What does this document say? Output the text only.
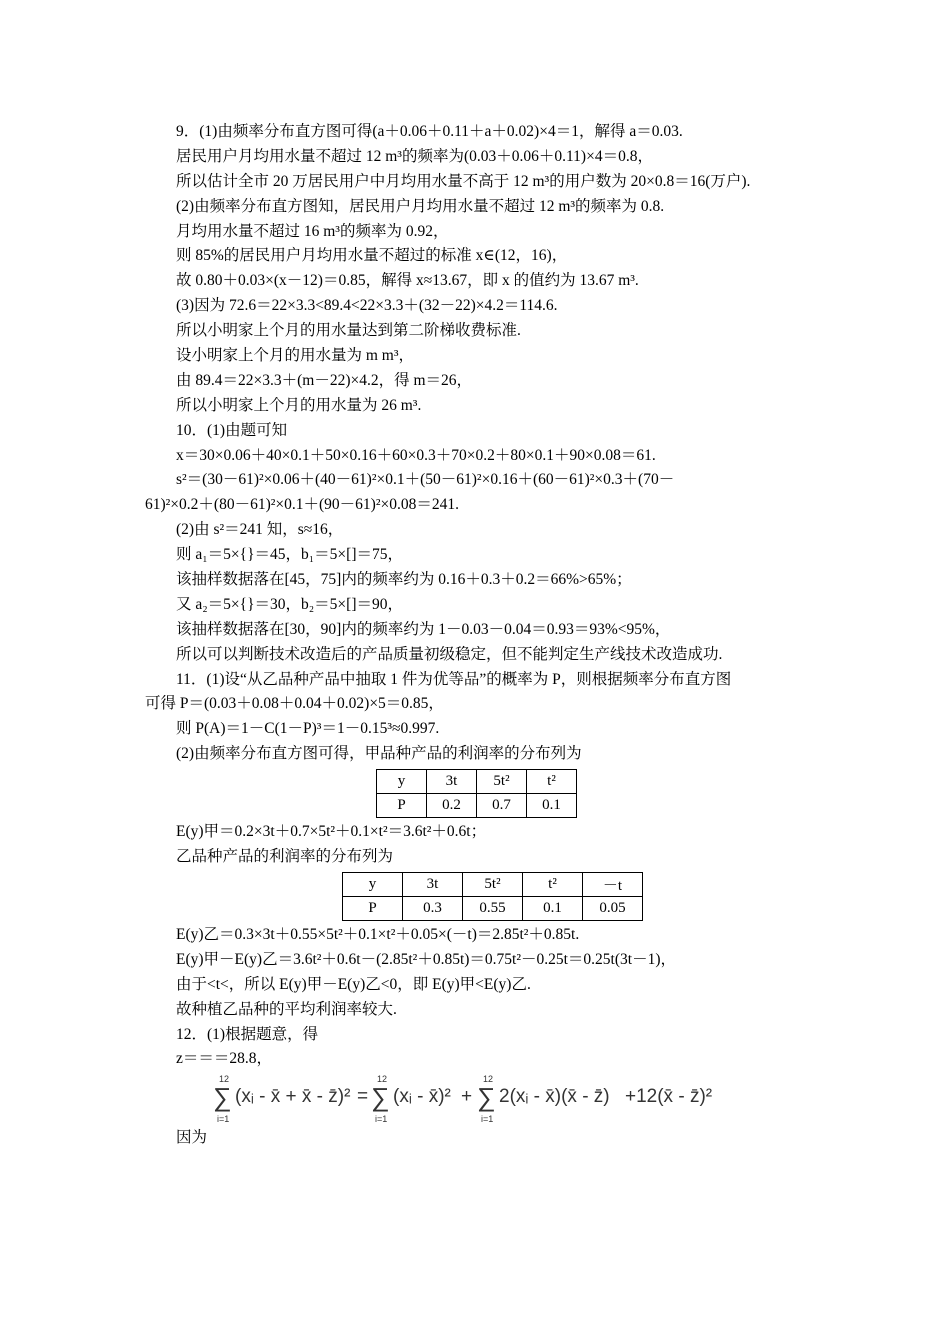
9．(1)由频率分布直方图可得(a＋0.06＋0.11＋a＋0.02)×4＝1，解得 a＝0.03.
居民用户月均用水量不超过 12 m³的频率为(0.03＋0.06＋0.11)×4＝0.8，
所以估计全市 20 万居民用户中月均用水量不高于 12 m³的用户数为 20×0.8＝16(万户).
(2)由频率分布直方图知，居民用户月均用水量不超过 12 m³的频率为 0.8.
月均用水量不超过 16 m³的频率为 0.92，
则 85%的居民用户月均用水量不超过的标准 x∈(12，16)，
故 0.80＋0.03×(x－12)＝0.85，解得 x≈13.67，即 x 的值约为 13.67 m³.
(3)因为 72.6＝22×3.3<89.4<22×3.3＋(32－22)×4.2＝114.6.
所以小明家上个月的用水量达到第二阶梯收费标准.
设小明家上个月的用水量为 m m³，
由 89.4＝22×3.3＋(m－22)×4.2，得 m＝26，
所以小明家上个月的用水量为 26 m³.
10．(1)由题可知
x＝30×0.06＋40×0.1＋50×0.16＋60×0.3＋70×0.2＋80×0.1＋90×0.08＝61.
s²＝(30－61)²×0.06＋(40－61)²×0.1＋(50－61)²×0.16＋(60－61)²×0.3＋(70－
61)²×0.2＋(80－61)²×0.1＋(90－61)²×0.08＝241.
(2)由 s²＝241 知，s≈16，
则 a₁＝5×{}＝45，b₁＝5×[]＝75，
该抽样数据落在[45，75]内的频率约为 0.16＋0.3＋0.2＝66%>65%；
又 a₂＝5×{}＝30，b₂＝5×[]＝90，
该抽样数据落在[30，90]内的频率约为 1－0.03－0.04＝0.93＝93%<95%，
所以可以判断技术改造后的产品质量初级稳定，但不能判定生产线技术改造成功.
11．(1)设“从乙品种产品中抽取 1 件为优等品”的概率为 P，则根据频率分布直方图
可得 P＝(0.03＋0.08＋0.04＋0.02)×5＝0.85，
则 P(A)＝1－C(1－P)³＝1－0.15³≈0.997.
(2)由频率分布直方图可得，甲品种产品的利润率的分布列为
y	3t	5t²	t²
P	0.2	0.7	0.1
E(y)甲＝0.2×3t＋0.7×5t²＋0.1×t²＝3.6t²＋0.6t；
乙品种产品的利润率的分布列为
y	3t	5t²	t²	－t
P	0.3	0.55	0.1	0.05
E(y)乙＝0.3×3t＋0.55×5t²＋0.1×t²＋0.05×(－t)＝2.85t²＋0.85t.
E(y)甲－E(y)乙＝3.6t²＋0.6t－(2.85t²＋0.85t)＝0.75t²－0.25t＝0.25t(3t－1)，
由于<t<，所以 E(y)甲－E(y)乙<0，即 E(y)甲<E(y)乙.
故种植乙品种的平均利润率较大.
12．(1)根据题意，得
z＝＝＝28.8，
12
∑
i=1
(xᵢ - x̄ + x̄ - z̄)² =
12
∑
i=1
(xᵢ - x̄)² +
12
∑
i=1
2(xᵢ - x̄)(x̄ - z̄) +12(x̄ - z̄)²
因为
